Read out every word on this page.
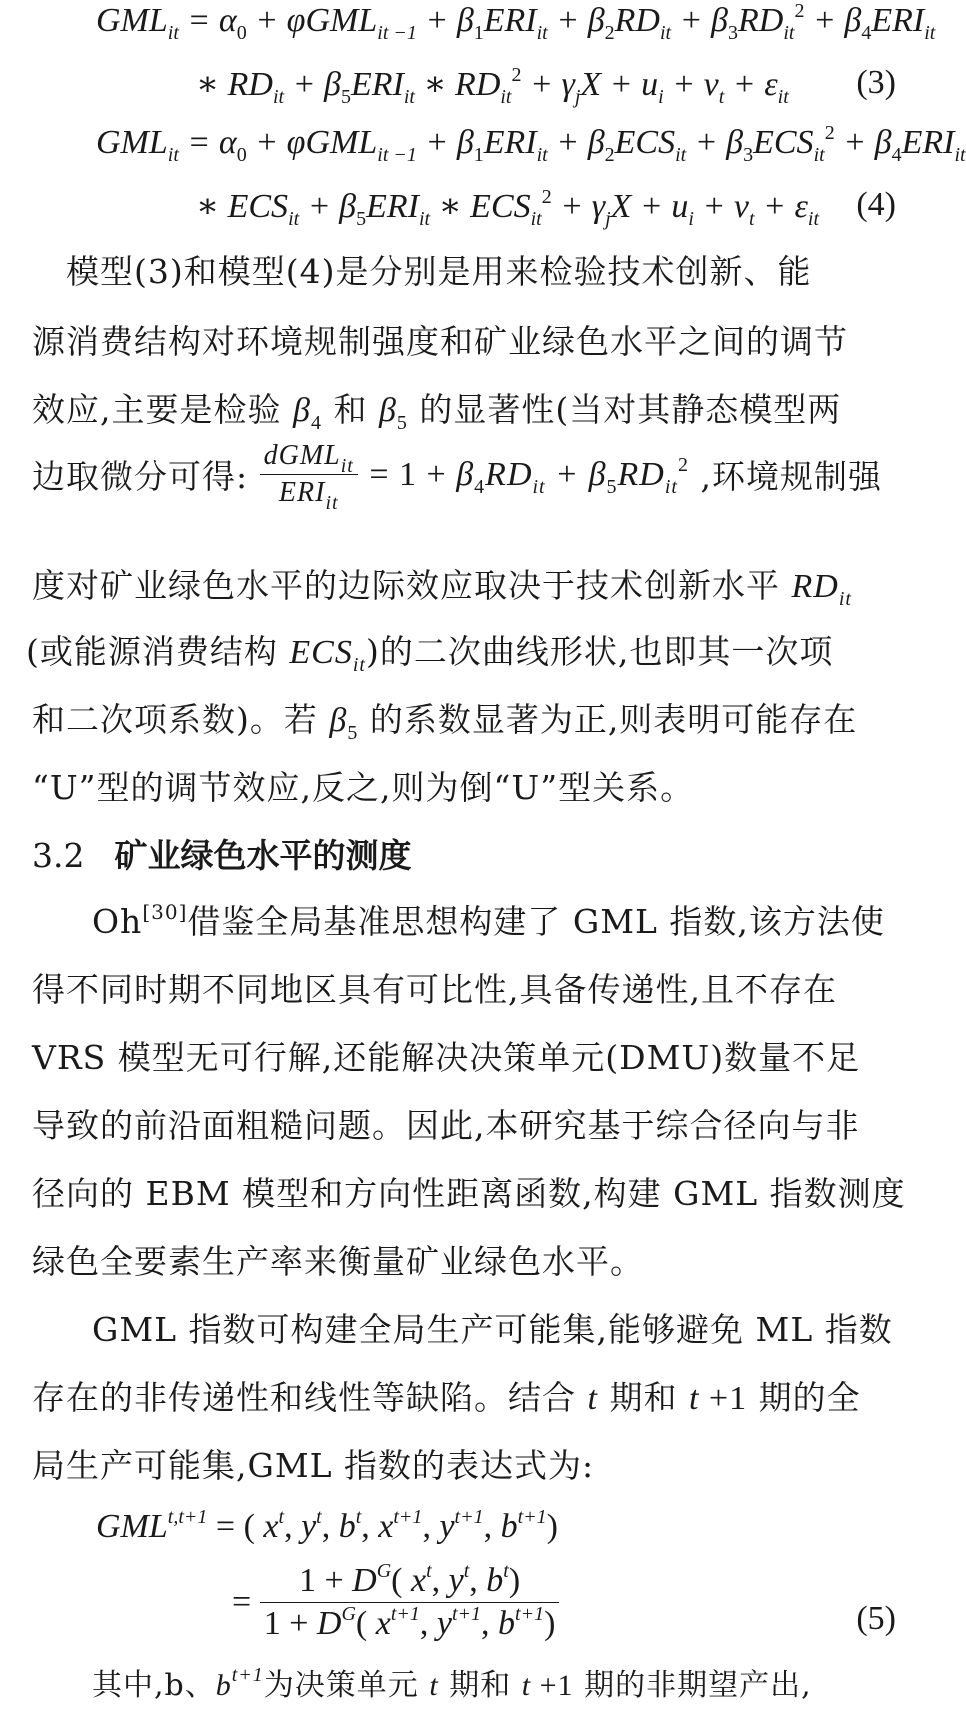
$GML_{it} = \alpha_0 + \varphi GML_{it -1} + \beta_1ERI_{it} + \beta_2RD_{it} + \beta_3RD_{it}^2 + \beta_4ERI_{it}$
∗ $RD_{it} + \beta_5ERI_{it}$ ∗ $RD_{it}^2 + \gamma_jX + u_i + v_t + \varepsilon_{it}$ (3)
$GML_{it} = \alpha_0 + \varphi GML_{it -1} + \beta_1ERI_{it} + \beta_2ECS_{it} + \beta_3ECS_{it}^2 + \beta_4ERI_{it}$
∗ $ECS_{it} + \beta_5ERI_{it}$ ∗ $ECS_{it}^2 + \gamma_jX + u_i + v_t + \varepsilon_{it}$ (4)
模型(3)和模型(4)是分别是用来检验技术创新、能
源消费结构对环境规制强度和矿业绿色水平之间的调节
效应,主要是检验 $\beta_4$ 和 $\beta_5$ 的显著性(当对其静态模型两
边取微分可得: $\frac{dGML_{it}}{ERI_{it}} = 1 + \beta_4RD_{it} + \beta_5RD_{it}^2$ ,环境规制强
度对矿业绿色水平的边际效应取决于技术创新水平 $RD_{it}$
(或能源消费结构 $ECS_{it}$)的二次曲线形状,也即其一次项
和二次项系数)。若 $\beta_5$ 的系数显著为正,则表明可能存在
“U”型的调节效应,反之,则为倒“U”型关系。
3.2 矿业绿色水平的测度
Oh[30]借鉴全局基准思想构建了 GML 指数,该方法使
得不同时期不同地区具有可比性,具备传递性,且不存在
VRS 模型无可行解,还能解决决策单元(DMU)数量不足
导致的前沿面粗糙问题。因此,本研究基于综合径向与非
径向的 EBM 模型和方向性距离函数,构建 GML 指数测度
绿色全要素生产率来衡量矿业绿色水平。
GML 指数可构建全局生产可能集,能够避免 ML 指数
存在的非传递性和线性等缺陷。结合 t 期和 t +1 期的全
局生产可能集,GML 指数的表达式为:
$GML^{t,t+1}$ = ( $x^t$, $y^t$, $b^t$, $x^{t+1}$, $y^{t+1}$, $b^{t+1}$)
= $\frac{1 + D^G( x^t, y^t, b^t)}{1 + D^G( x^{t+1}, y^{t+1}, b^{t+1})}$	(5)
其中,b、$b^{t+1}$为决策单元 t 期和 t +1 期的非期望产出,
